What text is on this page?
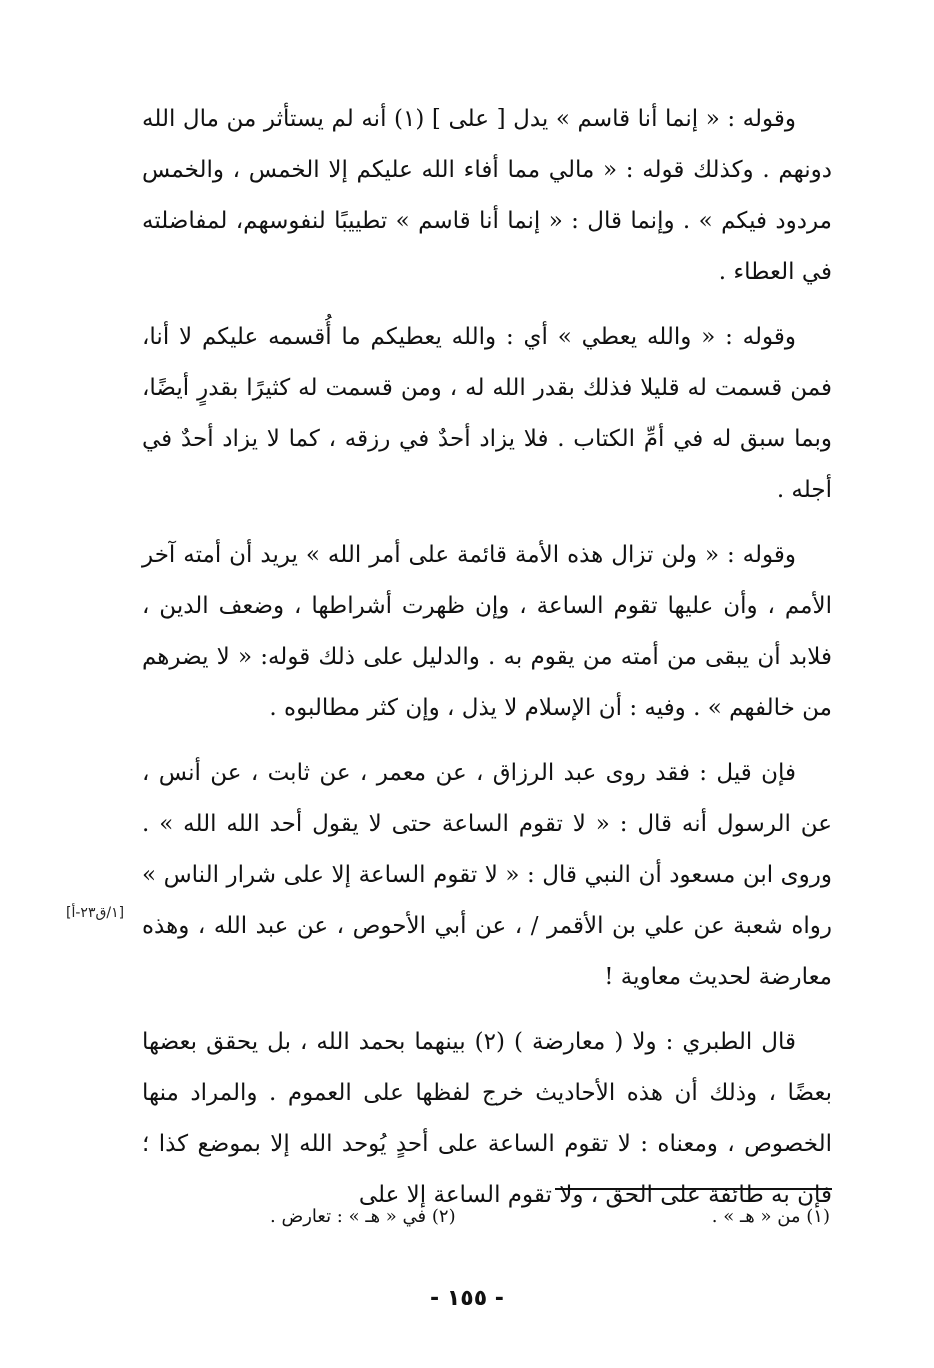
وقوله : « إنما أنا قاسم » يدل [ على ] (١) أنه لم يستأثر من مال الله دونهم . وكذلك قوله : « مالي مما أفاء الله عليكم إلا الخمس ، والخمس مردود فيكم » . وإنما قال : « إنما أنا قاسم » تطييبًا لنفوسهم، لمفاضلته في العطاء .

وقوله : « والله يعطي » أي : والله يعطيكم ما أُقسمه عليكم لا أنا، فمن قسمت له قليلا فذلك بقدر الله له ، ومن قسمت له كثيرًا بقدرٍ أيضًا، وبما سبق له في أمِّ الكتاب . فلا يزاد أحدٌ في رزقه ، كما لا يزاد أحدٌ في أجله .

وقوله : « ولن تزال هذه الأمة قائمة على أمر الله » يريد أن أمته آخر الأمم ، وأن عليها تقوم الساعة ، وإن ظهرت أشراطها ، وضعف الدين ، فلابد أن يبقى من أمته من يقوم به . والدليل على ذلك قوله: « لا يضرهم من خالفهم » . وفيه : أن الإسلام لا يذل ، وإن كثر مطالبوه .

فإن قيل : فقد روى عبد الرزاق ، عن معمر ، عن ثابت ، عن أنس ، عن الرسول أنه قال : « لا تقوم الساعة حتى لا يقول أحد الله الله » . وروى ابن مسعود أن النبي قال : « لا تقوم الساعة إلا على شرار الناس » رواه شعبة عن علي بن الأقمر / ، عن أبي الأحوص ، عن عبد الله ، وهذه معارضة لحديث معاوية !

قال الطبري : ولا ( معارضة ) (٢) بينهما بحمد الله ، بل يحقق بعضها بعضًا ، وذلك أن هذه الأحاديث خرج لفظها على العموم . والمراد منها الخصوص ، ومعناه : لا تقوم الساعة على أحدٍ يُوحد الله إلا بموضع كذا ؛ فإن به طائفة على الحق ، ولا تقوم الساعة إلا على

[١/ق٢٣-أ]
(١) من « هـ » .
(٢) في « هـ » : تعارض .
- ١٥٥ -
